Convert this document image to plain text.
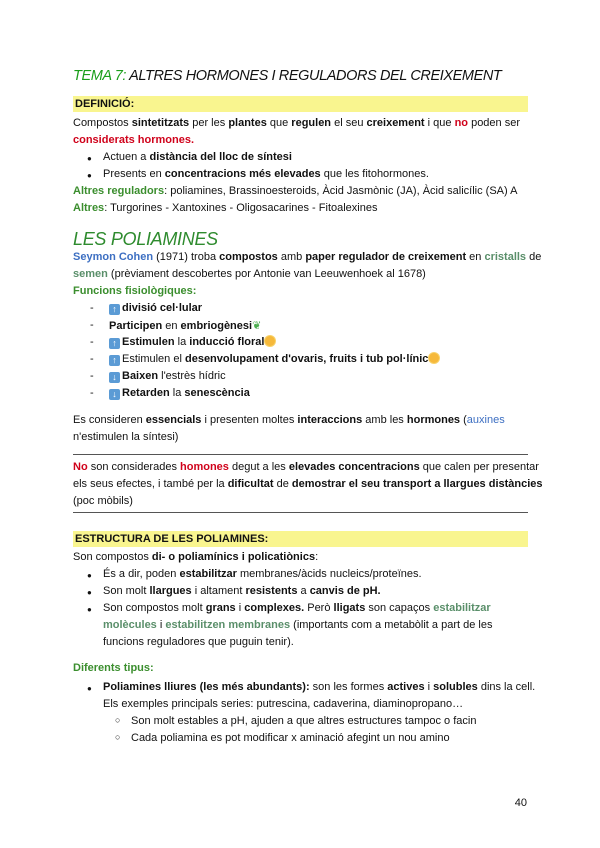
TEMA 7: ALTRES HORMONES I REGULADORS DEL CREIXEMENT
DEFINICIÓ:
Compostos sintetitzats per les plantes que regulen el seu creixement i que no poden ser
considerats hormones.
● Actuen a distància del lloc de síntesi
● Presents en concentracions més elevades que les fitohormones.
Altres reguladors: poliamines, Brassinoesteroids, Àcid Jasmònic (JA), Àcid salicílic (SA) A
Altres: Turgorines - Xantoxines - Oligosacarines - Fitoalexines
LES POLIAMINES
Seymon Cohen (1971) troba compostos amb paper regulador de creixement en cristalls de
semen (prèviament descobertes por Antonie van Leeuwenhoek al 1678)
Funcions fisiològiques:
-	↑ divisió cel·lular
- Participen en embriogènesi❦
-	↑ Estimulen la inducció floral
-	↑ Estimulen el desenvolupament d'ovaris, fruits i tub pol·línic
-	↓ Baixen l'estrès hídric
-	↓ Retarden la senescència
Es consideren essencials i presenten moltes interaccions amb les hormones (auxines
n'estimulen la síntesi)
No son considerades homones degut a les elevades concentracions que calen per presentar
els seus efectes, i també per la dificultat de demostrar el seu transport a llargues distàncies
(poc mòbils)
ESTRUCTURA DE LES POLIAMINES:
Son compostos di- o poliamínics i policatiònics:
● És a dir, poden estabilitzar membranes/àcids nucleics/proteïnes.
● Son molt llargues i altament resistents a canvis de pH.
● Son compostos molt grans i complexes. Però lligats son capaços estabilitzar
molècules i estabilitzen membranes (importants com a metabòlit a part de les
funcions reguladores que puguin tenir).
Diferents tipus:
● Poliamines lliures (les més abundants): son les formes actives i solubles dins la cell.
Els exemples principals series: putrescina, cadaverina, diaminopropano…
○ Son molt estables a pH, ajuden a que altres estructures tampoc o facin
○ Cada poliamina es pot modificar x aminació afegint un nou amino
40
